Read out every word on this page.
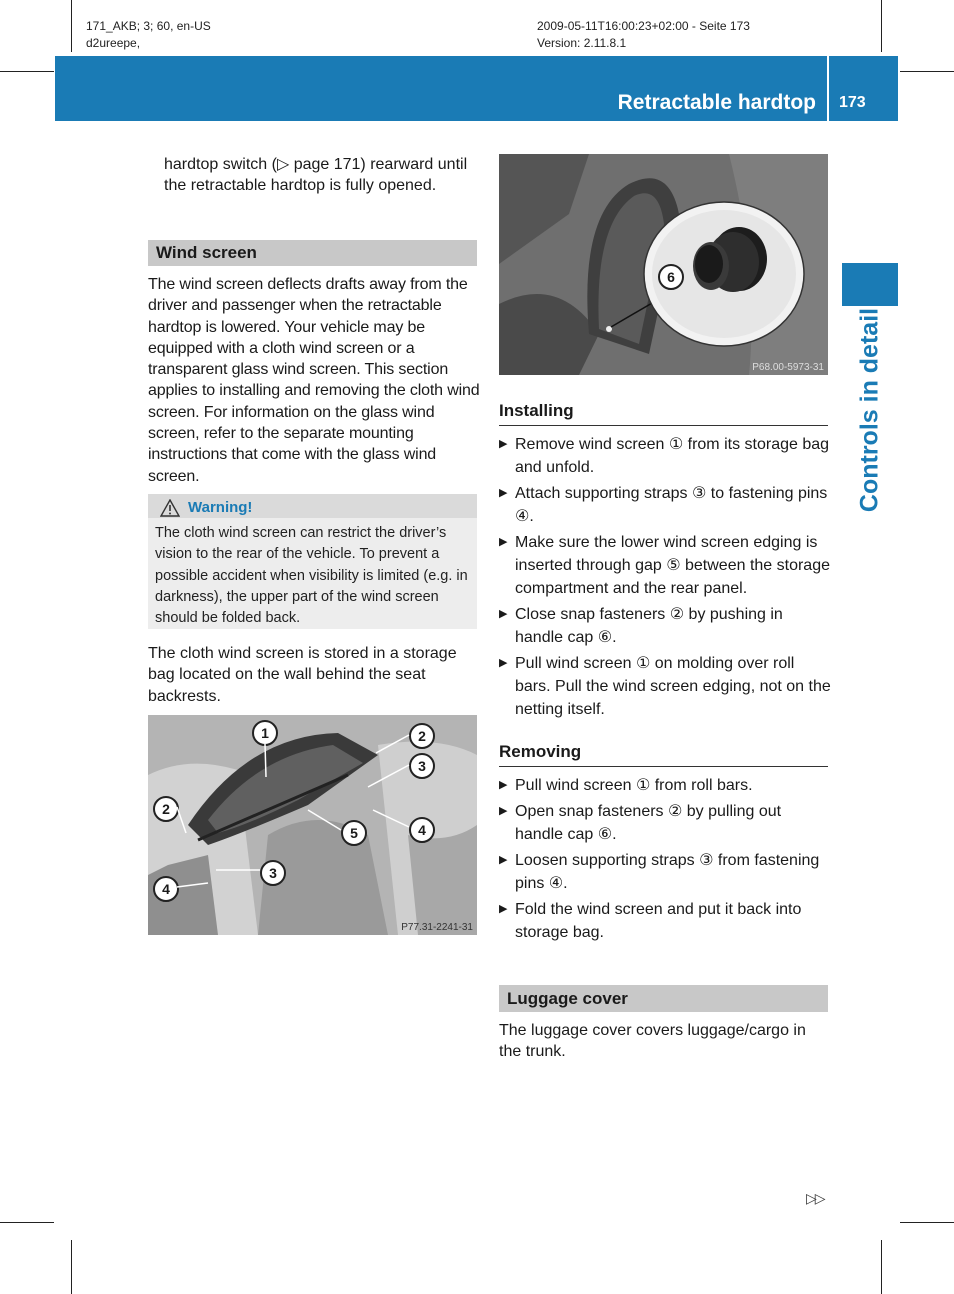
171_AKB; 3; 60, en-US
d2ureepe,
2009-05-11T16:00:23+02:00 - Seite 173
Version: 2.11.8.1
Retractable hardtop 173
Controls in detail

hardtop switch (▷ page 171) rearward until the retractable hardtop is fully opened.

Wind screen

The wind screen deflects drafts away from the driver and passenger when the retractable hardtop is lowered. Your vehicle may be equipped with a cloth wind screen or a transparent glass wind screen. This section applies to installing and removing the cloth wind screen. For information on the glass wind screen, refer to the separate mounting instructions that come with the glass wind screen.

Warning!

The cloth wind screen can restrict the driver’s vision to the rear of the vehicle. To prevent a possible accident when visibility is limited (e.g. in darkness), the upper part of the wind screen should be folded back.

The cloth wind screen is stored in a storage bag located on the wall behind the seat backrests.

1	2
2
3
3
4
4
5
P77.31-2241-31
6
P68.00-5973-31
Installing
▶ Remove wind screen ① from its storage bag and unfold.
▶ Attach supporting straps ③ to fastening pins ④.
▶ Make sure the lower wind screen edging is inserted through gap ⑤ between the storage compartment and the rear panel.
▶ Close snap fasteners ② by pushing in handle cap ⑥.
▶ Pull wind screen ① on molding over roll bars. Pull the wind screen edging, not on the netting itself.
Removing
▶ Pull wind screen ① from roll bars.
▶ Open snap fasteners ② by pulling out handle cap ⑥.
▶ Loosen supporting straps ③ from fastening pins ④.
▶ Fold the wind screen and put it back into storage bag.
Luggage cover

The luggage cover covers luggage/cargo in the trunk.

▷▷
